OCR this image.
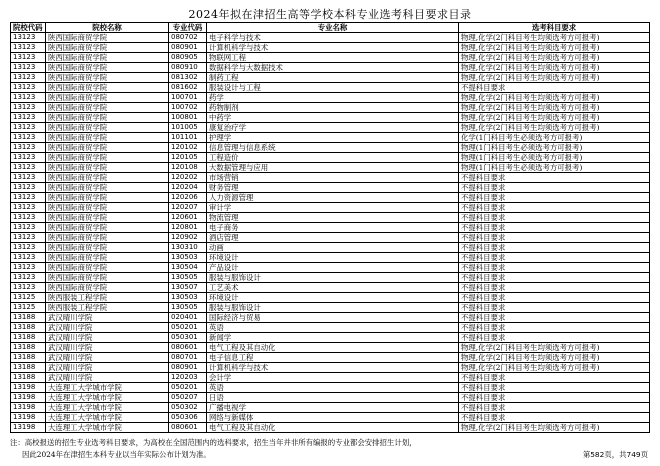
2024年拟在津招生高等学校本科专业选考科目要求目录
院校代码	院校名称	专业代码	专业名称	选考科目要求
13123	陕西国际商贸学院	080702	电子科学与技术	物理,化学(2门科目考生均须选考方可报考)
13123	陕西国际商贸学院	080901	计算机科学与技术	物理,化学(2门科目考生均须选考方可报考)
13123	陕西国际商贸学院	080905	物联网工程	物理,化学(2门科目考生均须选考方可报考)
13123	陕西国际商贸学院	080910	数据科学与大数据技术	物理,化学(2门科目考生均须选考方可报考)
13123	陕西国际商贸学院	081302	制药工程	物理,化学(2门科目考生均须选考方可报考)
13123	陕西国际商贸学院	081602	服装设计与工程	不提科目要求
13123	陕西国际商贸学院	100701	药学	物理,化学(2门科目考生均须选考方可报考)
13123	陕西国际商贸学院	100702	药物制剂	物理,化学(2门科目考生均须选考方可报考)
13123	陕西国际商贸学院	100801	中药学	物理,化学(2门科目考生均须选考方可报考)
13123	陕西国际商贸学院	101005	康复治疗学	物理,化学(2门科目考生均须选考方可报考)
13123	陕西国际商贸学院	101101	护理学	化学(1门科目考生必须选考方可报考)
13123	陕西国际商贸学院	120102	信息管理与信息系统	物理(1门科目考生必须选考方可报考)
13123	陕西国际商贸学院	120105	工程造价	物理(1门科目考生必须选考方可报考)
13123	陕西国际商贸学院	120108	大数据管理与应用	物理(1门科目考生必须选考方可报考)
13123	陕西国际商贸学院	120202	市场营销	不提科目要求
13123	陕西国际商贸学院	120204	财务管理	不提科目要求
13123	陕西国际商贸学院	120206	人力资源管理	不提科目要求
13123	陕西国际商贸学院	120207	审计学	不提科目要求
13123	陕西国际商贸学院	120601	物流管理	不提科目要求
13123	陕西国际商贸学院	120801	电子商务	不提科目要求
13123	陕西国际商贸学院	120902	酒店管理	不提科目要求
13123	陕西国际商贸学院	130310	动画	不提科目要求
13123	陕西国际商贸学院	130503	环境设计	不提科目要求
13123	陕西国际商贸学院	130504	产品设计	不提科目要求
13123	陕西国际商贸学院	130505	服装与服饰设计	不提科目要求
13123	陕西国际商贸学院	130507	工艺美术	不提科目要求
13125	陕西服装工程学院	130503	环境设计	不提科目要求
13125	陕西服装工程学院	130505	服装与服饰设计	不提科目要求
13188	武汉晴川学院	020401	国际经济与贸易	不提科目要求
13188	武汉晴川学院	050201	英语	不提科目要求
13188	武汉晴川学院	050301	新闻学	不提科目要求
13188	武汉晴川学院	080601	电气工程及其自动化	物理,化学(2门科目考生均须选考方可报考)
13188	武汉晴川学院	080701	电子信息工程	物理,化学(2门科目考生均须选考方可报考)
13188	武汉晴川学院	080901	计算机科学与技术	物理,化学(2门科目考生均须选考方可报考)
13188	武汉晴川学院	120203	会计学	不提科目要求
13198	大连理工大学城市学院	050201	英语	不提科目要求
13198	大连理工大学城市学院	050207	日语	不提科目要求
13198	大连理工大学城市学院	050302	广播电视学	不提科目要求
13198	大连理工大学城市学院	050306	网络与新媒体	不提科目要求
13198	大连理工大学城市学院	080601	电气工程及其自动化	物理,化学(2门科目考生均须选考方可报考)
注：高校报送的招生专业选考科目要求，为高校在全国范围内的选科要求，招生当年并非所有编报的专业都会安排招生计划，
因此2024年在津招生本科专业以当年实际公布计划为准。	第582页，共749页
